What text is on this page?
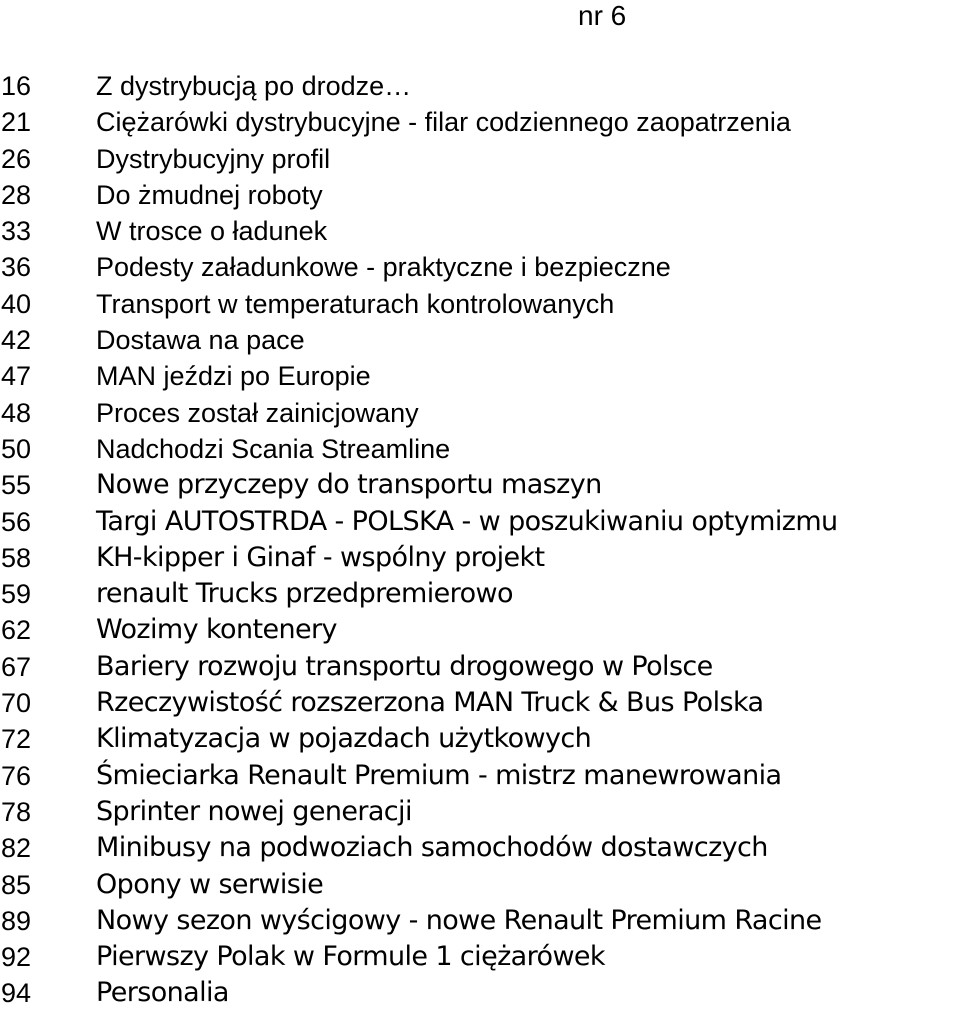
nr 6
16 Z dystrybucją po drodze…
21 Ciężarówki dystrybucyjne - filar codziennego zaopatrzenia
26 Dystrybucyjny profil
28 Do żmudnej roboty
33 W trosce o ładunek
36 Podesty załadunkowe - praktyczne i bezpieczne
40 Transport w temperaturach kontrolowanych
42 Dostawa na pace
47 MAN jeździ po Europie
48 Proces został zainicjowany
50 Nadchodzi Scania Streamline
55 Nowe przyczepy do transportu maszyn
56 Targi AUTOSTRDA - POLSKA - w poszukiwaniu optymizmu
58 KH-kipper i Ginaf - wspólny projekt
59 renault Trucks przedpremierowo
62 Wozimy kontenery
67 Bariery rozwoju transportu drogowego w Polsce
70 Rzeczywistość rozszerzona MAN Truck & Bus Polska
72 Klimatyzacja w pojazdach użytkowych
76 Śmieciarka Renault Premium - mistrz manewrowania
78 Sprinter nowej generacji
82 Minibusy na podwoziach samochodów dostawczych
85 Opony w serwisie
89 Nowy sezon wyścigowy - nowe Renault Premium Racine
92 Pierwszy Polak w Formule 1 ciężarówek
94 Personalia
